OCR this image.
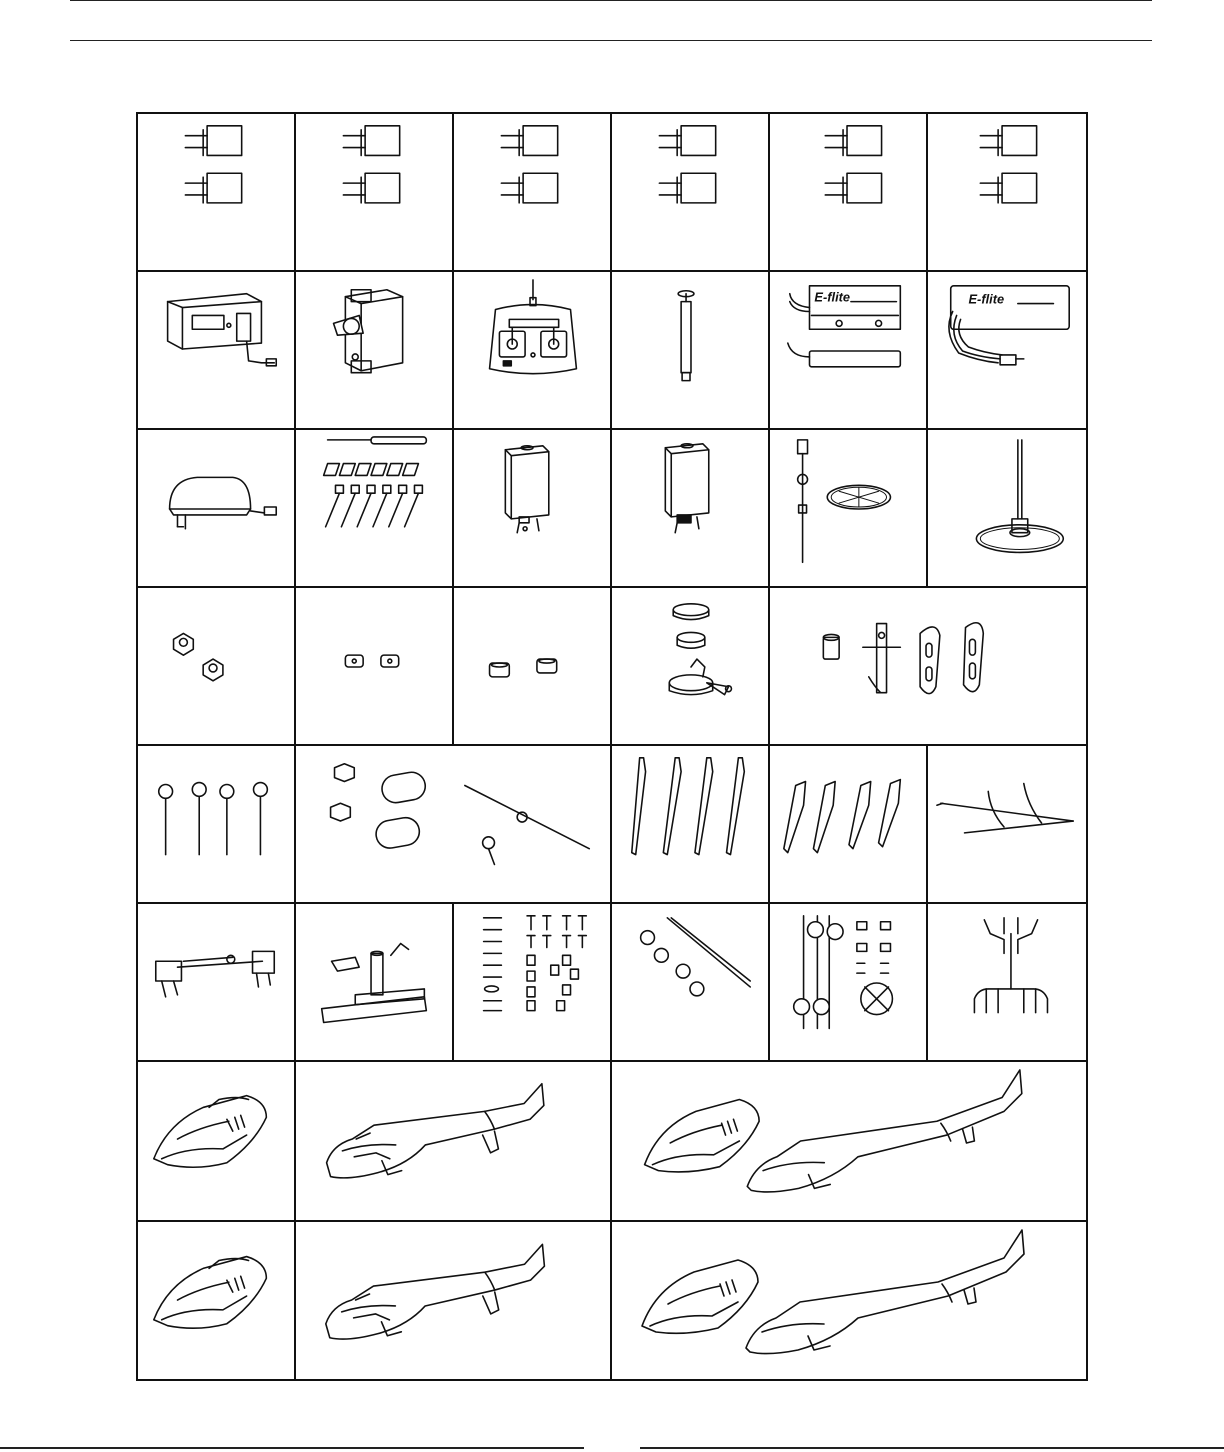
E-flite	E-flite
